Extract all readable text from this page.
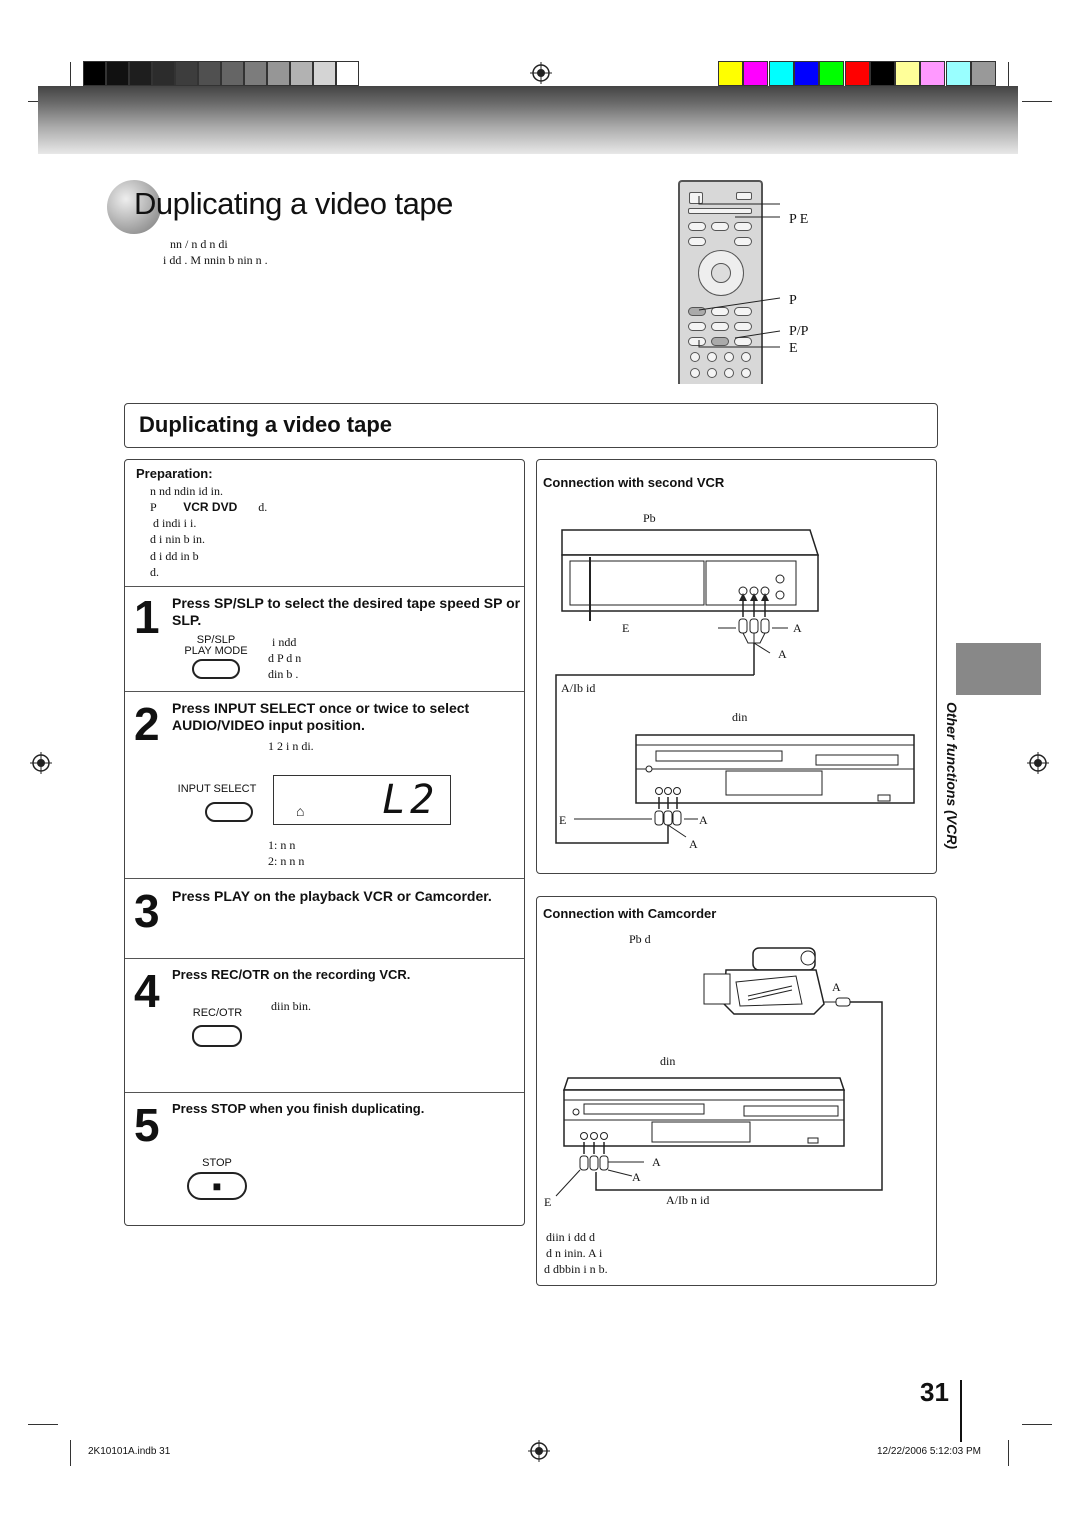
Duplicating a video tape
nn / n d n di
i dd . M nnin b nin n .
P E
P
P/P
E
Duplicating a video tape
Preparation:
n nd ndin id in.
P VCR DVD d.
d indi i i.
d i nin b in.
d i dd in b
d.
1 Press SP/SLP to select the desired tape speed SP or SLP.
SP/SLP
PLAY MODE
i ndd
d P d n
din b .
2 Press INPUT SELECT once or twice to select AUDIO/VIDEO input position.
1 2 i n di.
INPUT SELECT
⌂ L2
1: n n
2: n n n
3 Press PLAY on the playback VCR or Camcorder.
4 Press REC/OTR on the recording VCR.
diin bin.
REC/OTR
5 Press STOP when you finish duplicating.
STOP
■
Connection with second VCR
Pb
E	A
A
A/Ib id
din
E	A
A
Connection with Camcorder
Pb d
A
din
A
A
E	A/Ib n id
diin i dd d
d n inin. A i
d dbbin i n b.
Other functions (VCR)
31
2K10101A.indb 31	12/22/2006 5:12:03 PM
